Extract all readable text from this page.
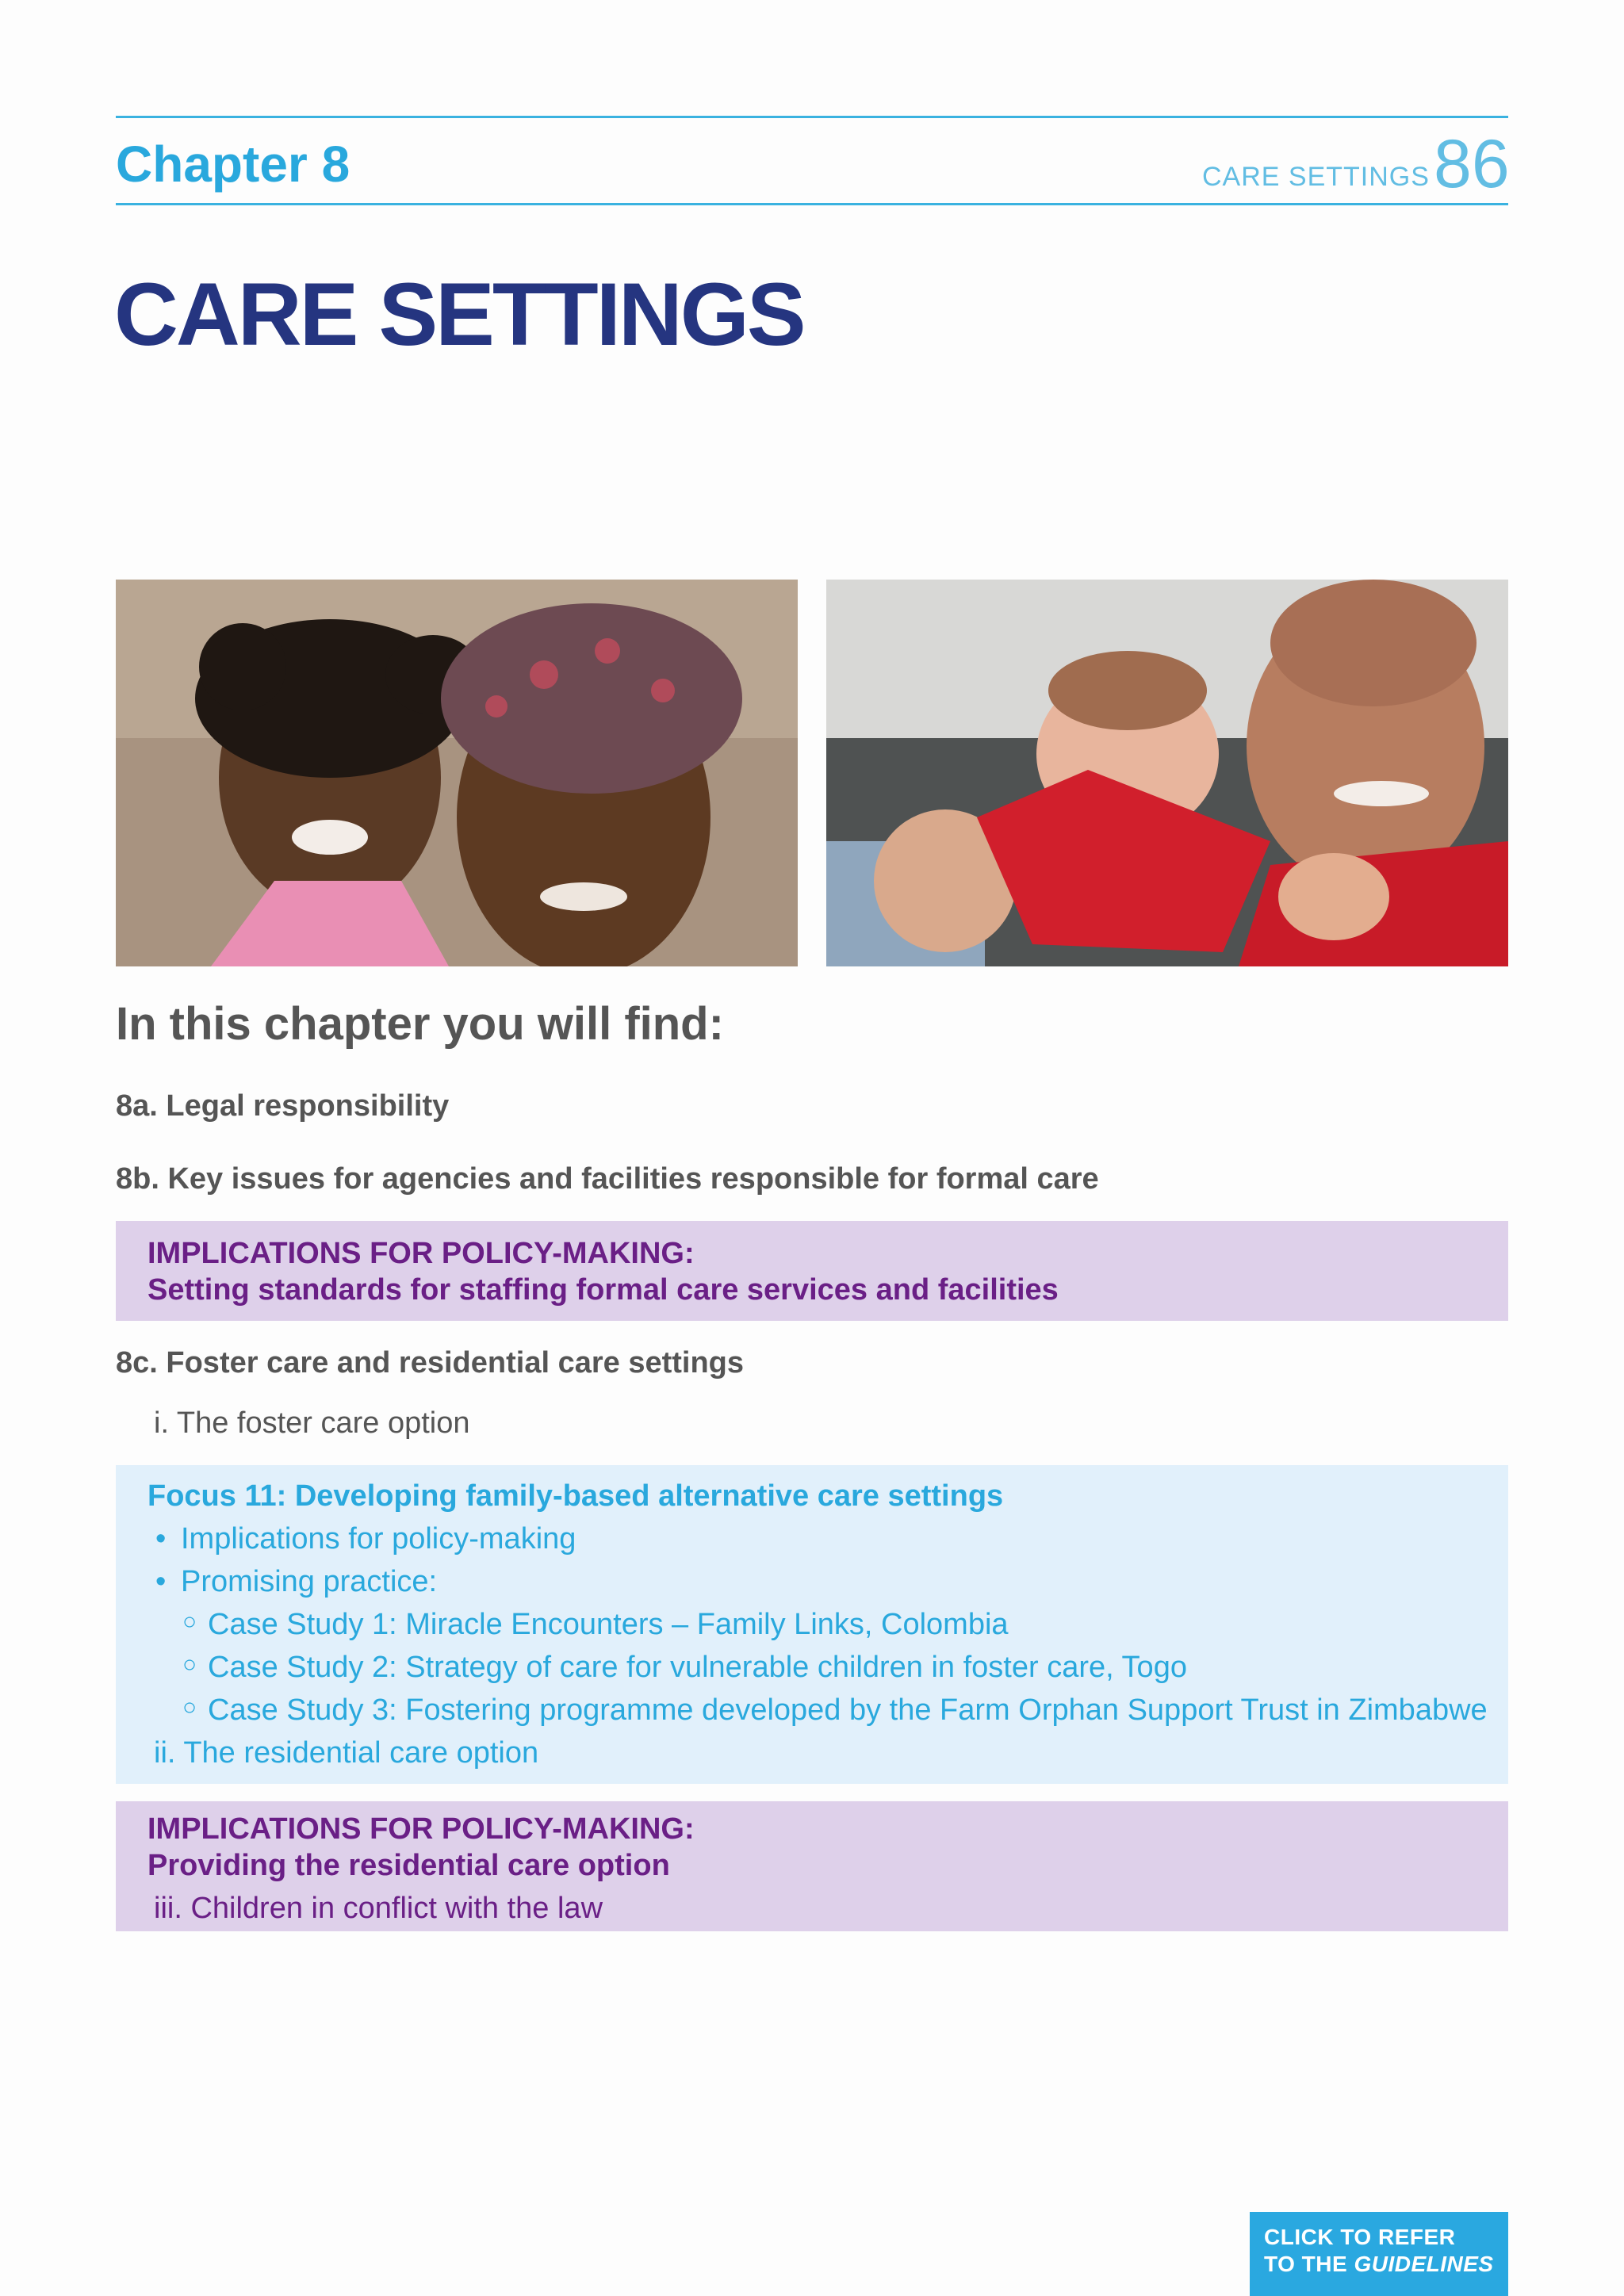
Chapter 8	CARE SETTINGS 86
CARE SETTINGS
In this chapter you will find:
8a. Legal responsibility
8b. Key issues for agencies and facilities responsible for formal care
IMPLICATIONS FOR POLICY-MAKING:
Setting standards for staffing formal care services and facilities
8c. Foster care and residential care settings
i. The foster care option
Focus 11: Developing family-based alternative care settings
• Implications for policy-making
• Promising practice:
○ Case Study 1: Miracle Encounters – Family Links, Colombia
○ Case Study 2: Strategy of care for vulnerable children in foster care, Togo
○ Case Study 3: Fostering programme developed by the Farm Orphan Support Trust in Zimbabwe
ii. The residential care option
IMPLICATIONS FOR POLICY-MAKING:
Providing the residential care option
iii. Children in conflict with the law
CLICK TO REFER
TO THE GUIDELINES
